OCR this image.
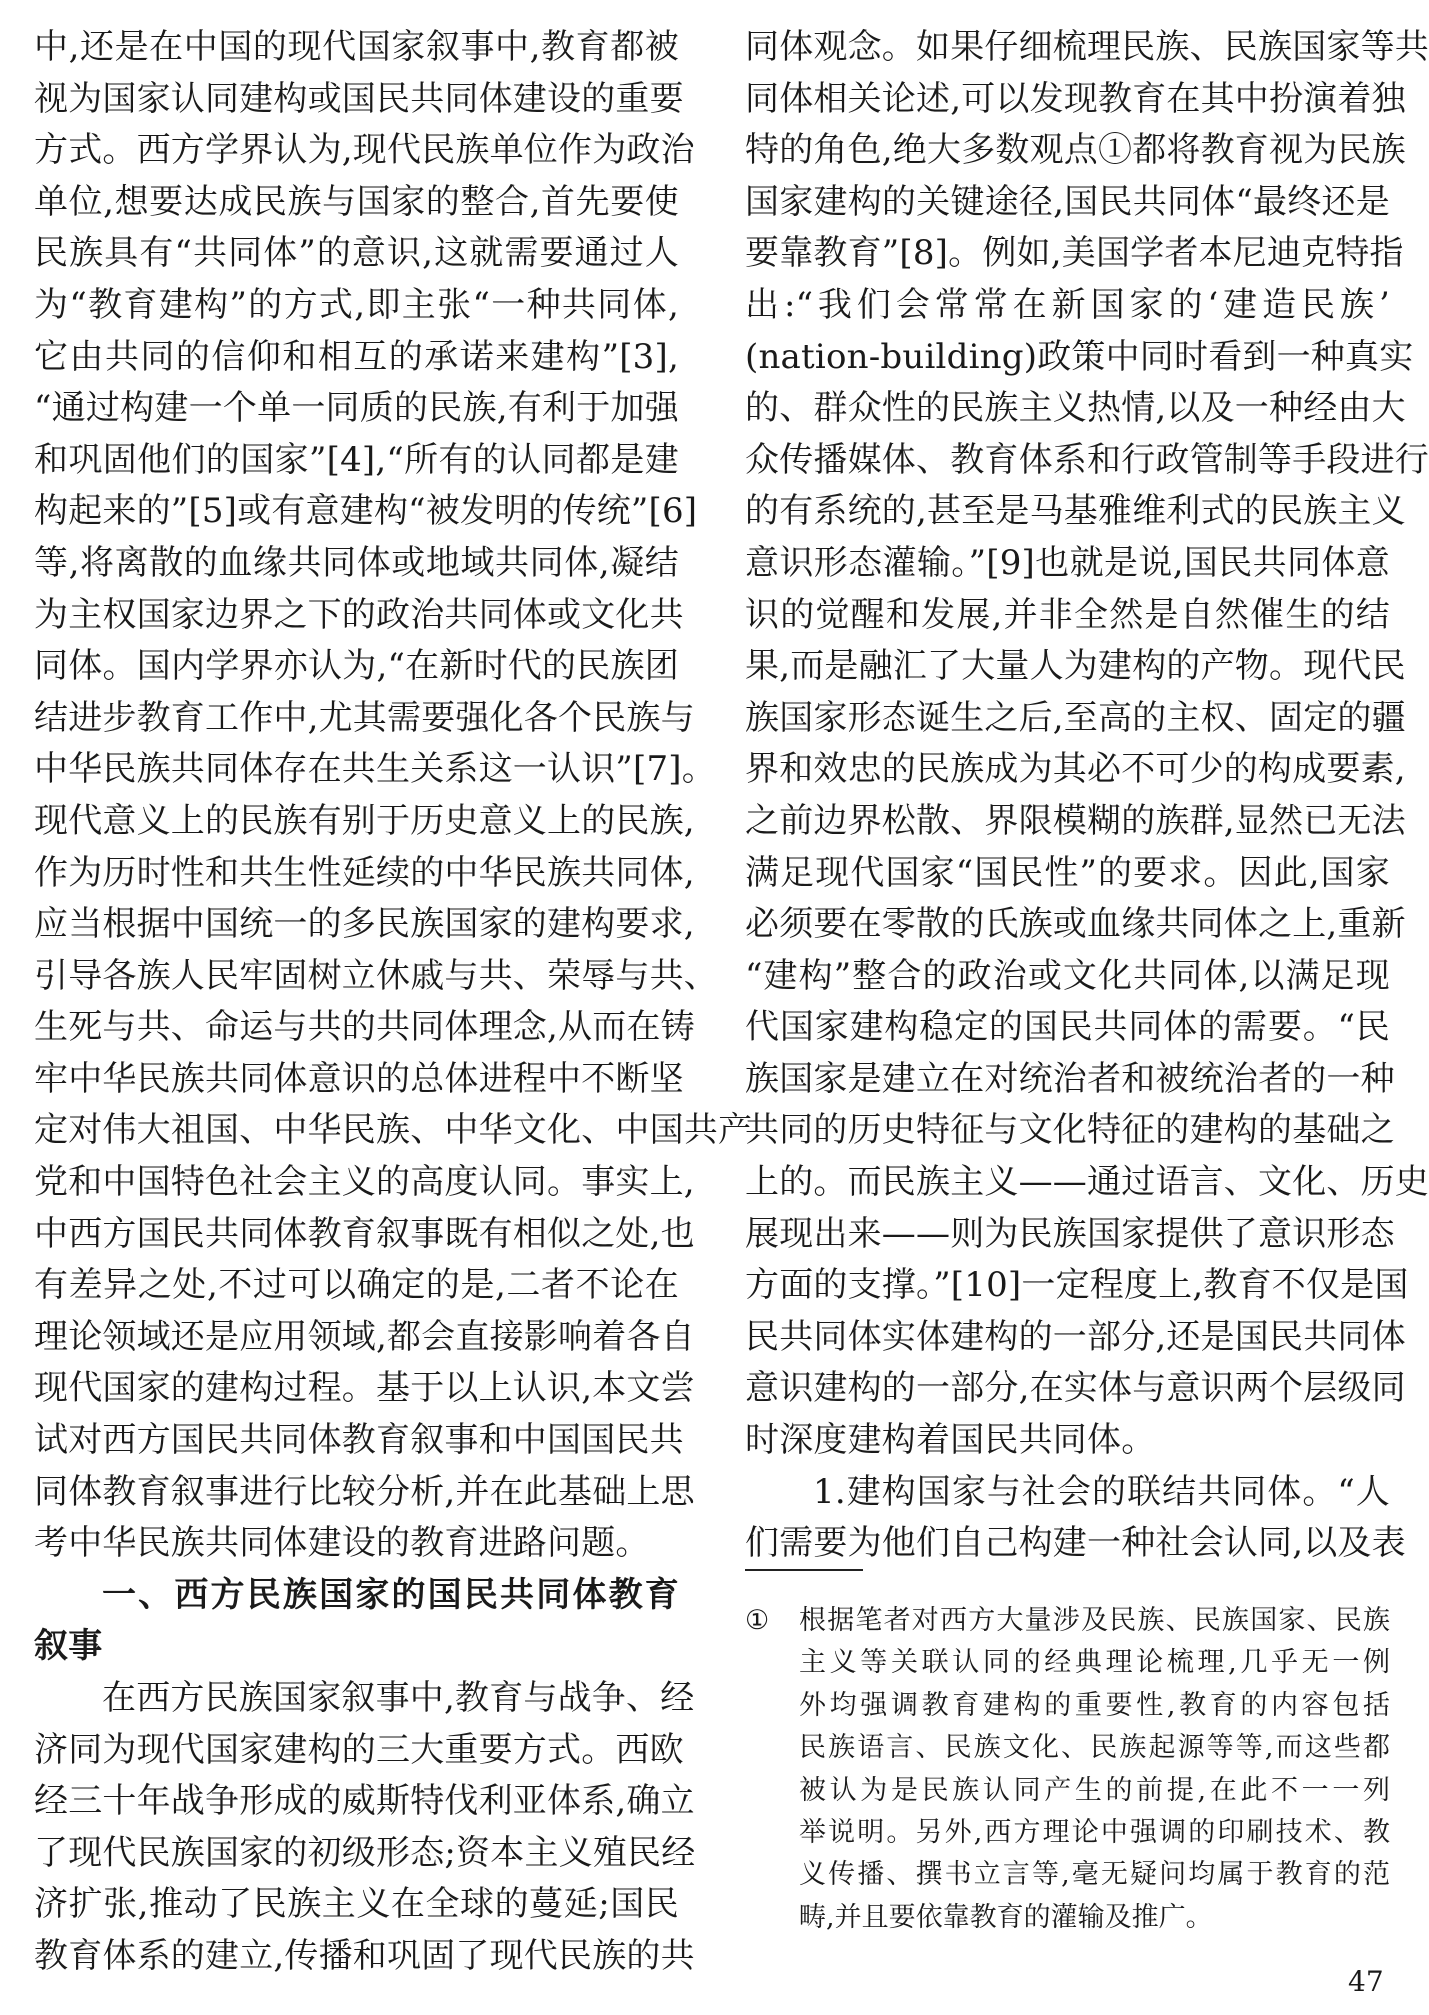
中,还是在中国的现代国家叙事中,教育都被
视为国家认同建构或国民共同体建设的重要
方式。西方学界认为,现代民族单位作为政治
单位,想要达成民族与国家的整合,首先要使
民族具有“共同体”的意识,这就需要通过人
为“教育建构”的方式,即主张“一种共同体,
它由共同的信仰和相互的承诺来建构”[3],
“通过构建一个单一同质的民族,有利于加强
和巩固他们的国家”[4],“所有的认同都是建
构起来的”[5]或有意建构“被发明的传统”[6]
等,将离散的血缘共同体或地域共同体,凝结
为主权国家边界之下的政治共同体或文化共
同体。国内学界亦认为,“在新时代的民族团
结进步教育工作中,尤其需要强化各个民族与
中华民族共同体存在共生关系这一认识”[7]。
现代意义上的民族有别于历史意义上的民族,
作为历时性和共生性延续的中华民族共同体,
应当根据中国统一的多民族国家的建构要求,
引导各族人民牢固树立休戚与共、荣辱与共、
生死与共、命运与共的共同体理念,从而在铸
牢中华民族共同体意识的总体进程中不断坚
定对伟大祖国、中华民族、中华文化、中国共产
党和中国特色社会主义的高度认同。事实上,
中西方国民共同体教育叙事既有相似之处,也
有差异之处,不过可以确定的是,二者不论在
理论领域还是应用领域,都会直接影响着各自
现代国家的建构过程。基于以上认识,本文尝
试对西方国民共同体教育叙事和中国国民共
同体教育叙事进行比较分析,并在此基础上思
考中华民族共同体建设的教育进路问题。
一、西方民族国家的国民共同体教育
叙事
在西方民族国家叙事中,教育与战争、经
济同为现代国家建构的三大重要方式。西欧
经三十年战争形成的威斯特伐利亚体系,确立
了现代民族国家的初级形态;资本主义殖民经
济扩张,推动了民族主义在全球的蔓延;国民
教育体系的建立,传播和巩固了现代民族的共
同体观念。如果仔细梳理民族、民族国家等共
同体相关论述,可以发现教育在其中扮演着独
特的角色,绝大多数观点①都将教育视为民族
国家建构的关键途径,国民共同体“最终还是
要靠教育”[8]。例如,美国学者本尼迪克特指
出:“我们会常常在新国家的‘建造民族’
(nation-building)政策中同时看到一种真实
的、群众性的民族主义热情,以及一种经由大
众传播媒体、教育体系和行政管制等手段进行
的有系统的,甚至是马基雅维利式的民族主义
意识形态灌输。”[9]也就是说,国民共同体意
识的觉醒和发展,并非全然是自然催生的结
果,而是融汇了大量人为建构的产物。现代民
族国家形态诞生之后,至高的主权、固定的疆
界和效忠的民族成为其必不可少的构成要素,
之前边界松散、界限模糊的族群,显然已无法
满足现代国家“国民性”的要求。因此,国家
必须要在零散的氏族或血缘共同体之上,重新
“建构”整合的政治或文化共同体,以满足现
代国家建构稳定的国民共同体的需要。“民
族国家是建立在对统治者和被统治者的一种
共同的历史特征与文化特征的建构的基础之
上的。而民族主义——通过语言、文化、历史
展现出来——则为民族国家提供了意识形态
方面的支撑。”[10]一定程度上,教育不仅是国
民共同体实体建构的一部分,还是国民共同体
意识建构的一部分,在实体与意识两个层级同
时深度建构着国民共同体。
1.建构国家与社会的联结共同体。“人
们需要为他们自己构建一种社会认同,以及表
① 根据笔者对西方大量涉及民族、民族国家、民族
主义等关联认同的经典理论梳理,几乎无一例
外均强调教育建构的重要性,教育的内容包括
民族语言、民族文化、民族起源等等,而这些都
被认为是民族认同产生的前提,在此不一一列
举说明。另外,西方理论中强调的印刷技术、教
义传播、撰书立言等,毫无疑问均属于教育的范
畴,并且要依靠教育的灌输及推广。
47
